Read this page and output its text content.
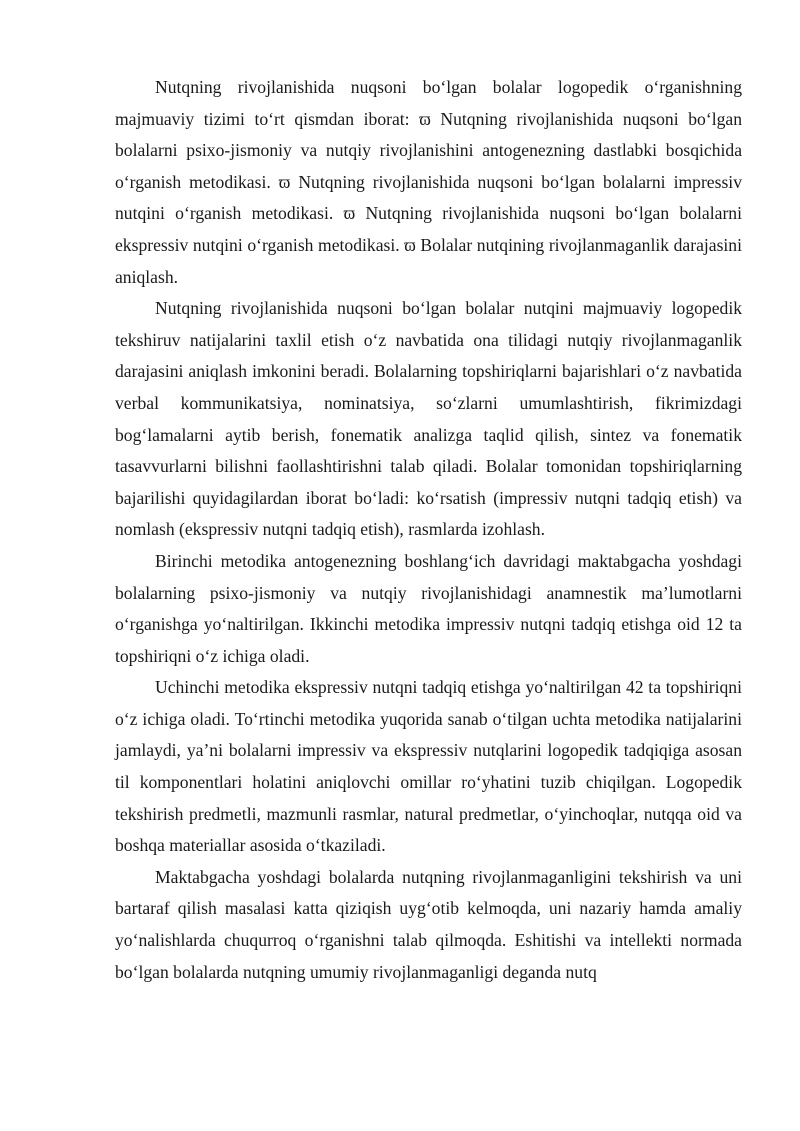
Nutqning rivojlanishida nuqsoni bo‘lgan bolalar logopedik o‘rganishning majmuaviy tizimi to‘rt qismdan iborat: ϖ Nutqning rivojlanishida nuqsoni bo‘lgan bolalarni psixo-jismoniy va nutqiy rivojlanishini antogenezning dastlabki bosqichida o‘rganish metodikasi. ϖ Nutqning rivojlanishida nuqsoni bo‘lgan bolalarni impressiv nutqini o‘rganish metodikasi. ϖ Nutqning rivojlanishida nuqsoni bo‘lgan bolalarni ekspressiv nutqini o‘rganish metodikasi. ϖ Bolalar nutqining rivojlanmaganlik darajasini aniqlash.

Nutqning rivojlanishida nuqsoni bo‘lgan bolalar nutqini majmuaviy logopedik tekshiruv natijalarini taxlil etish o‘z navbatida ona tilidagi nutqiy rivojlanmaganlik darajasini aniqlash imkonini beradi. Bolalarning topshiriqlarni bajarishlari o‘z navbatida verbal kommunikatsiya, nominatsiya, so‘zlarni umumlashtirish, fikrimizdagi bog‘lamalarni aytib berish, fonematik analizga taqlid qilish, sintez va fonematik tasavvurlarni bilishni faollashtirishni talab qiladi. Bolalar tomonidan topshiriqlarning bajarilishi quyidagilardan iborat bo‘ladi: ko‘rsatish (impressiv nutqni tadqiq etish) va nomlash (ekspressiv nutqni tadqiq etish), rasmlarda izohlash.

Birinchi metodika antogenezning boshlang‘ich davridagi maktabgacha yoshdagi bolalarning psixo-jismoniy va nutqiy rivojlanishidagi anamnestik ma’lumotlarni o‘rganishga yo‘naltirilgan. Ikkinchi metodika impressiv nutqni tadqiq etishga oid 12 ta topshiriqni o‘z ichiga oladi.

Uchinchi metodika ekspressiv nutqni tadqiq etishga yo‘naltirilgan 42 ta topshiriqni o‘z ichiga oladi. To‘rtinchi metodika yuqorida sanab o‘tilgan uchta metodika natijalarini jamlaydi, ya’ni bolalarni impressiv va ekspressiv nutqlarini logopedik tadqiqiga asosan til komponentlari holatini aniqlovchi omillar ro‘yhatini tuzib chiqilgan. Logopedik tekshirish predmetli, mazmunli rasmlar, natural predmetlar, o‘yinchoqlar, nutqqa oid va boshqa materiallar asosida o‘tkaziladi.

Maktabgacha yoshdagi bolalarda nutqning rivojlanmaganligini tekshirish va uni bartaraf qilish masalasi katta qiziqish uyg‘otib kelmoqda, uni nazariy hamda amaliy yo‘nalishlarda chuqurroq o‘rganishni talab qilmoqda. Eshitishi va intellekti normada bo‘lgan bolalarda nutqning umumiy rivojlanmaganligi deganda nutq
